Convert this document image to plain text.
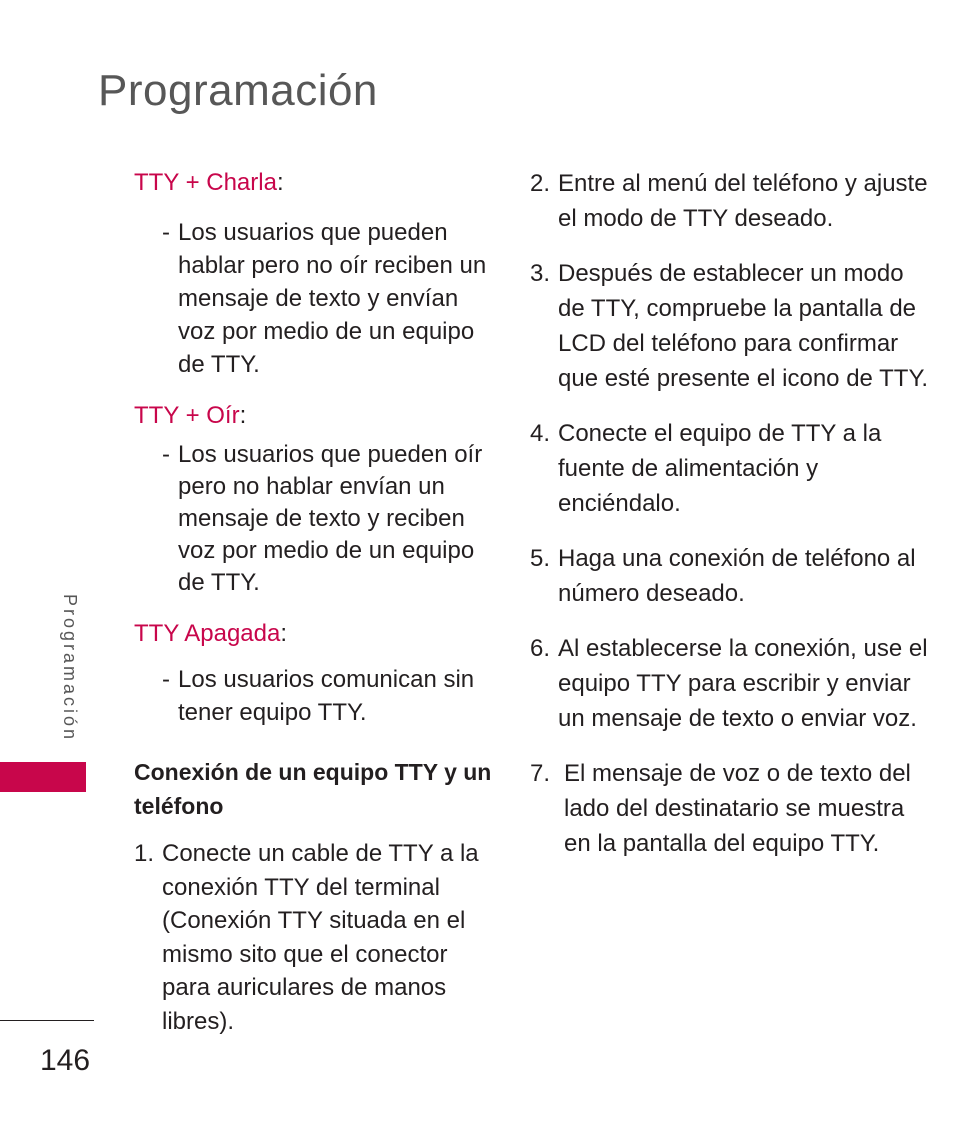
Programación

TTY + Charla:

- Los usuarios que pueden hablar pero no oír reciben un mensaje de texto y envían voz por medio de un equipo de TTY.

TTY + Oír:

- Los usuarios que pueden oír pero no hablar envían un mensaje de texto y reciben voz por medio de un equipo de TTY.

TTY Apagada:

- Los usuarios comunican sin tener equipo TTY.
Conexión de un equipo TTY y un teléfono
1. Conecte un cable de TTY a la conexión TTY del terminal (Conexión TTY situada en el mismo sito que el conector para auriculares de manos libres).
2. Entre al menú del teléfono y ajuste el modo de TTY deseado.
3. Después de establecer un modo de TTY, compruebe la pantalla de LCD del teléfono para confirmar que esté presente el icono de TTY.
4. Conecte el equipo de TTY a la fuente de alimentación y enciéndalo.
5. Haga una conexión de teléfono al número deseado.
6. Al establecerse la conexión, use el equipo TTY para escribir y enviar un mensaje de texto o enviar voz.
7. El mensaje de voz o de texto del lado del destinatario se muestra en la pantalla del equipo TTY.
Programación
146
